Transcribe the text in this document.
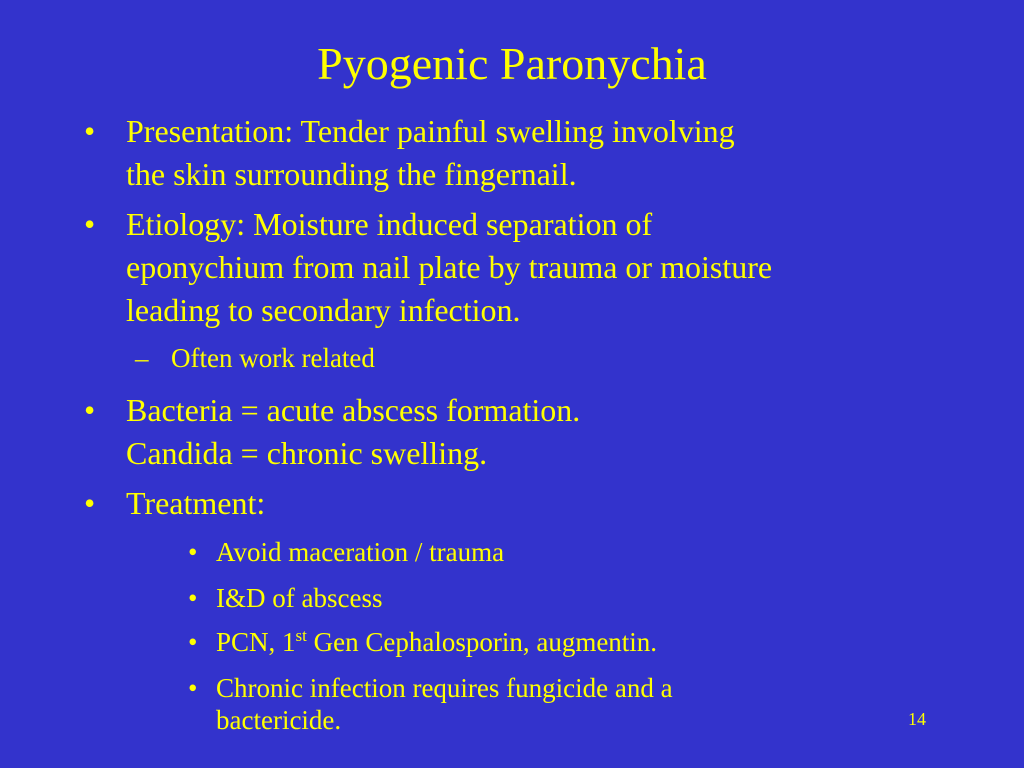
Pyogenic Paronychia
• Presentation: Tender painful swelling involving
the skin surrounding the fingernail.
• Etiology: Moisture induced separation of
eponychium from nail plate by trauma or moisture
leading to secondary infection.
– Often work related
• Bacteria = acute abscess formation.
Candida = chronic swelling.
• Treatment:
• Avoid maceration / trauma
• I&D of abscess
• PCN, 1st Gen Cephalosporin, augmentin.
• Chronic infection requires fungicide and a
bactericide.	14
